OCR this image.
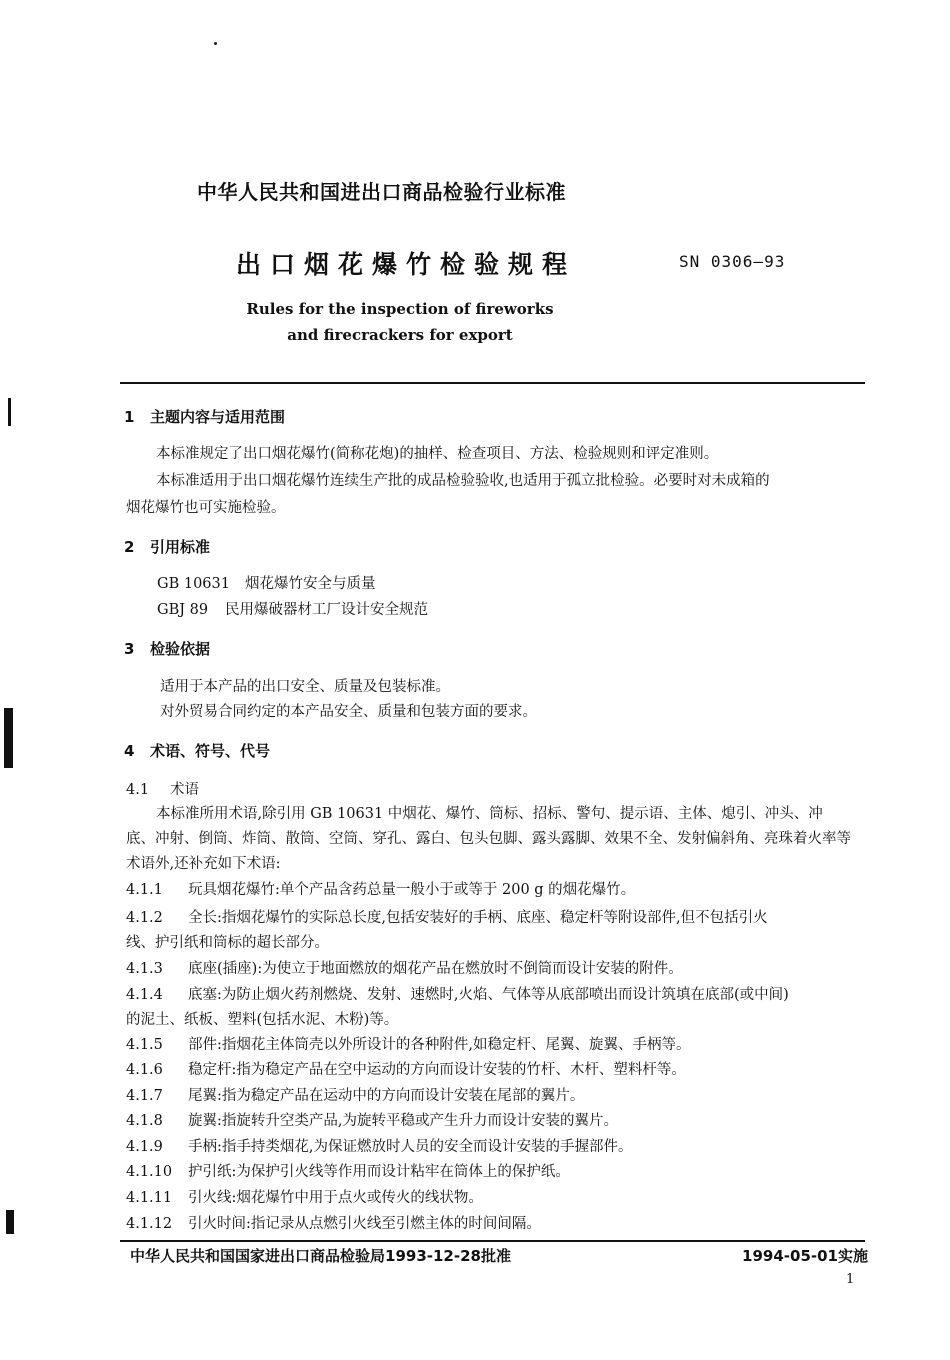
中华人民共和国进出口商品检验行业标准
出口烟花爆竹检验规程	SN 0306—93
Rules for the inspection of fireworks
and firecrackers for export
1 主题内容与适用范围
本标准规定了出口烟花爆竹(简称花炮)的抽样、检查项目、方法、检验规则和评定准则。
本标准适用于出口烟花爆竹连续生产批的成品检验验收,也适用于孤立批检验。必要时对未成箱的
烟花爆竹也可实施检验。
2 引用标准
GB 10631 烟花爆竹安全与质量
GBJ 89 民用爆破器材工厂设计安全规范
3 检验依据
适用于本产品的出口安全、质量及包装标准。
对外贸易合同约定的本产品安全、质量和包装方面的要求。
4 术语、符号、代号
4.1 术语
本标准所用术语,除引用 GB 10631 中烟花、爆竹、筒标、招标、警句、提示语、主体、熄引、冲头、冲
底、冲射、倒筒、炸筒、散筒、空筒、穿孔、露白、包头包脚、露头露脚、效果不全、发射偏斜角、亮珠着火率等
术语外,还补充如下术语:
4.1.1 玩具烟花爆竹:单个产品含药总量一般小于或等于 200 g 的烟花爆竹。
4.1.2 全长:指烟花爆竹的实际总长度,包括安装好的手柄、底座、稳定杆等附设部件,但不包括引火
线、护引纸和筒标的超长部分。
4.1.3 底座(插座):为使立于地面燃放的烟花产品在燃放时不倒筒而设计安装的附件。
4.1.4 底塞:为防止烟火药剂燃烧、发射、速燃时,火焰、气体等从底部喷出而设计筑填在底部(或中间)
的泥土、纸板、塑料(包括水泥、木粉)等。
4.1.5 部件:指烟花主体筒壳以外所设计的各种附件,如稳定杆、尾翼、旋翼、手柄等。
4.1.6 稳定杆:指为稳定产品在空中运动的方向而设计安装的竹杆、木杆、塑料杆等。
4.1.7 尾翼:指为稳定产品在运动中的方向而设计安装在尾部的翼片。
4.1.8 旋翼:指旋转升空类产品,为旋转平稳或产生升力而设计安装的翼片。
4.1.9 手柄:指手持类烟花,为保证燃放时人员的安全而设计安装的手握部件。
4.1.10 护引纸:为保护引火线等作用而设计粘牢在筒体上的保护纸。
4.1.11 引火线:烟花爆竹中用于点火或传火的线状物。
4.1.12 引火时间:指记录从点燃引火线至引燃主体的时间间隔。
中华人民共和国国家进出口商品检验局1993-12-28批准	1994-05-01实施
1
